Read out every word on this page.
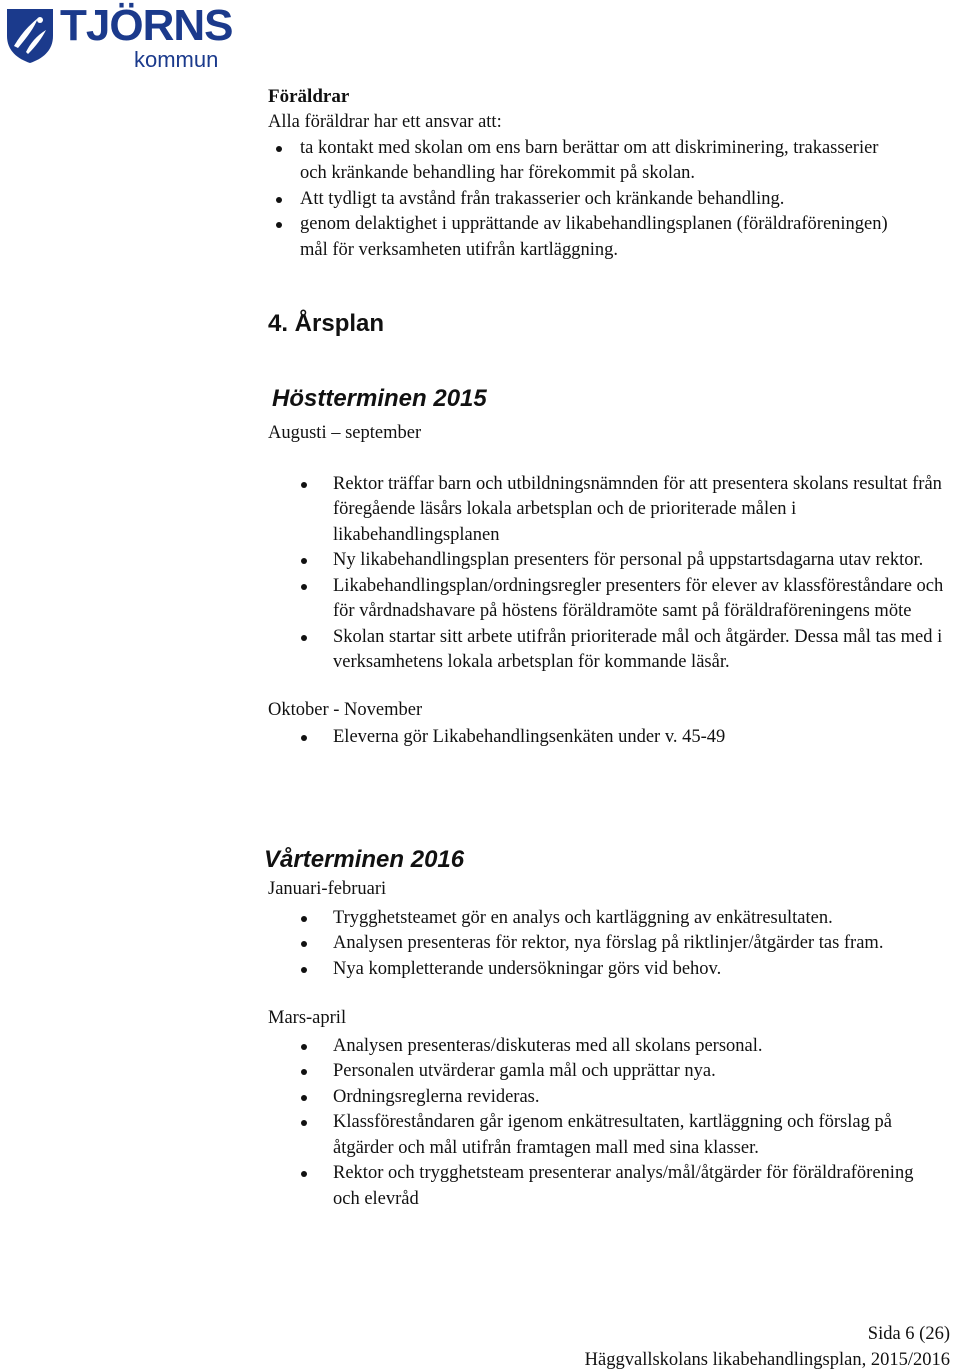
TJÖRNS
kommun
Föräldrar
Alla föräldrar har ett ansvar att:
ta kontakt med skolan om ens barn berättar om att diskriminering, trakasserier och kränkande behandling har förekommit på skolan.
Att tydligt ta avstånd från trakasserier och kränkande behandling.
genom delaktighet i upprättande av likabehandlingsplanen (föräldraföreningen) mål för verksamheten utifrån kartläggning.
4. Årsplan
Höstterminen 2015
Augusti – september
Rektor träffar barn och utbildningsnämnden för att presentera skolans resultat från föregående läsårs lokala arbetsplan och de prioriterade målen i likabehandlingsplanen
Ny likabehandlingsplan presenters för personal på uppstartsdagarna utav rektor.
Likabehandlingsplan/ordningsregler presenters för elever av klassföreståndare och för vårdnadshavare på höstens föräldramöte samt på föräldraföreningens möte
Skolan startar sitt arbete utifrån prioriterade mål och åtgärder. Dessa mål tas med i verksamhetens lokala arbetsplan för kommande läsår.
Oktober - November
Eleverna gör Likabehandlingsenkäten under v. 45-49
Vårterminen 2016
Januari-februari
Trygghetsteamet gör en analys och kartläggning av enkätresultaten.
Analysen presenteras för rektor, nya förslag på riktlinjer/åtgärder tas fram.
Nya kompletterande undersökningar görs vid behov.
Mars-april
Analysen presenteras/diskuteras med all skolans personal.
Personalen utvärderar gamla mål och upprättar nya.
Ordningsreglerna revideras.
Klassföreståndaren går igenom enkätresultaten, kartläggning och förslag på åtgärder och mål utifrån framtagen mall med sina klasser.
Rektor och trygghetsteam presenterar analys/mål/åtgärder för föräldraförening och elevråd
Sida 6 (26)
Häggvallskolans likabehandlingsplan, 2015/2016
